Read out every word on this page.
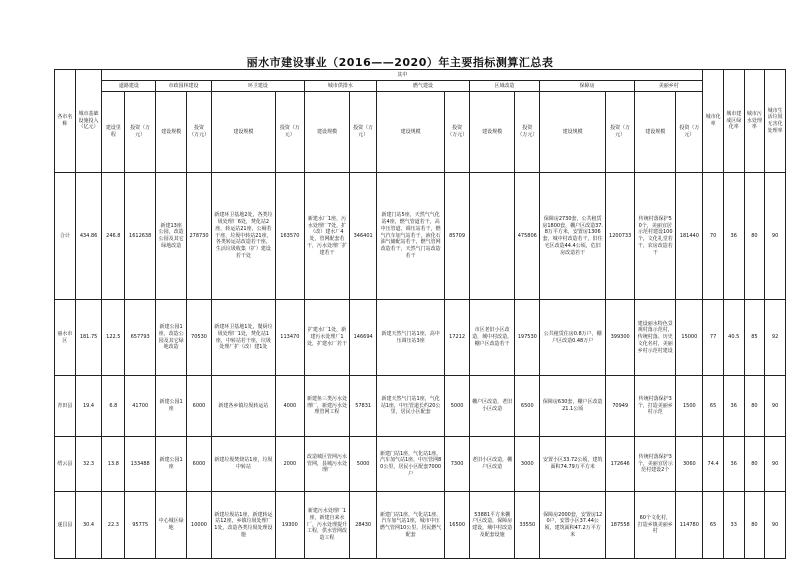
丽水市建设事业（2016——2020）年主要指标测算汇总表
各市名称	城市基础设施投入（亿元）	其中																城市化率	城市建成区绿化率	城市污水处理率	城市生活垃圾无害化处理率
		道路建设		市政园林建设		环卫建设		城市供排水		燃气建设		区域改造		保障房		美丽乡村					
		建设里程	投资（万元）	建设规模	投资（万元）	建设规模	投资（万元）	建设规模	投资（万元）	建设规模	投资（万元）	建设规模	投资（万元）	建设规模	投资（万元）	建设规模	投资（万元）				
合计	434.86	246.8	1612638	新建13座公园，改造公园及其它绿地改造	278730	新建环卫基地2处，各类垃圾处理厂6处，焚化站2座，转运站21座，公厕若干座，垃圾中转站21座，各类转运站改造若干座，生活垃圾收集（扩）建设若干处	163570	新建水厂1座，污水处理厂7处，扩（改）建水厂4处，管网配套若干，污水处理厂扩建若干	346401	新建门站5座，天然气气化站4座，燃气管道若干，高中压管道、调压站若干，燃气汽车加气站若干，液化石油气储配站若干，燃气管网改造若干，天然气门站改造若干	85709		475806	保障房2730套，公共租赁房1800套，棚户区改造37.8万平方米，安置房1306套，城中村改造若干，旧住宅区改造44.4公顷，危旧房改造若干	1200733	传统村落保护50个，美丽宜居示范村建设100个，文化礼堂若干，农房改造若干	181440	70	36	80	90
丽水市区	181.75	122.5	657793	新建公园1座，改造公园及其它绿地改造	70530	新建环卫基地1处，餐厨垃圾处理厂1处，焚化站1座，中转站若干座，垃圾处理厂扩（改）建1处	113470	扩建水厂1处，新建污水处理厂1处，扩建水厂若干	146694	新建天然气门站1座，高中压调压站3座	17212	市区老旧小区改造，城中村改造，棚户区改造若干	197530	公共租赁住房0.8万户，棚户区改造0.48万户	399300	建设丽水特色景观村落示范村，传统村落、历史文化名村，美丽乡村示范村建设	15000	77	40.5	85	92
青田县	19.4	6.8	41700	新建公园1座	6000	新建各乡镇垃圾转运站	4000	新建鱼三类污水处理厂，新建污水处理管网工程	57831	新建天然气门站1座，气化站1座，中压管道长约20公里，居民小区配套	5000	棚户区改造，老旧小区改造	6500	保障房630套，棚户区改造21.1公顷	70949	传统村落保护3个，打造美丽乡村示范	1500	65	36	80	90
缙云县	32.3	13.8	133488	新建公园1座	6000	新建垃圾焚烧站1座，垃圾中转站	2000	改造城区管网污水管网，县城污水处理厂	5000	新建门站1座，气化站1座，汽车加气站1座，中压管网80公里，居民小区配套7000户	7300	老旧小区改造，棚户区改造	3000	安置小区33.72公顷，建筑面积74.79万平方米	172646	传统村落保护3个，美丽宜居示范村建设2个	3060	74.4	36	80	90
遂昌县	30.4	22.3	95775	中心城区绿地	10000	新建垃圾站1座，新建转运站12座，乡镇垃圾处理厂1处，改造各类垃圾处理设施	19300	新建污水处理厂1座，新建自来水厂，污水处理提升工程，供水管网改造工程	28430	新建门站1座，气化站1座，汽车加气站1座，城市中压燃气管网10公里，居民燃气配套	16500	53881平方米棚户区改造，保障房建设，城中村改造及配套设施	33550	保障房2000套，安置房120户，安置小区37.44公顷，建筑面积47.2万平方米	187558	60个文化村，打造乡镇美丽乡村	114780	65	33	80	90
